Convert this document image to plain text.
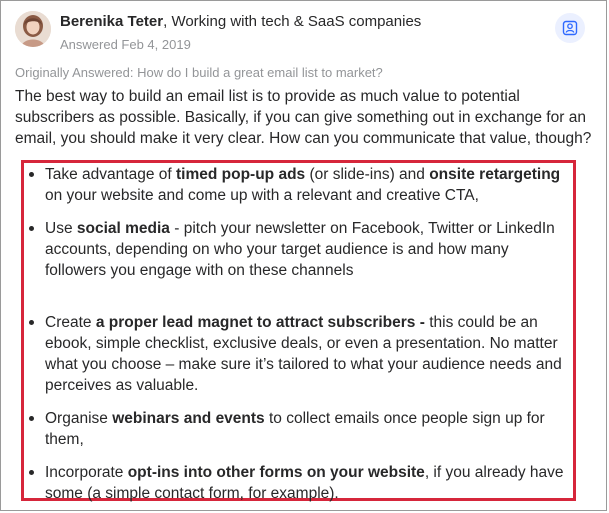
Berenika Teter, Working with tech & SaaS companies
Answered Feb 4, 2019
Originally Answered: How do I build a great email list to market?
The best way to build an email list is to provide as much value to potential subscribers as possible. Basically, if you can give something out in exchange for an email, you should make it very clear. How can you communicate that value, though?
Take advantage of timed pop-up ads (or slide-ins) and onsite retargeting on your website and come up with a relevant and creative CTA,
Use social media - pitch your newsletter on Facebook, Twitter or LinkedIn accounts, depending on who your target audience is and how many followers you engage with on these channels
Create a proper lead magnet to attract subscribers - this could be an ebook, simple checklist, exclusive deals, or even a presentation. No matter what you choose – make sure it’s tailored to what your audience needs and perceives as valuable.
Organise webinars and events to collect emails once people sign up for them,
Incorporate opt-ins into other forms on your website, if you already have some (a simple contact form, for example).
